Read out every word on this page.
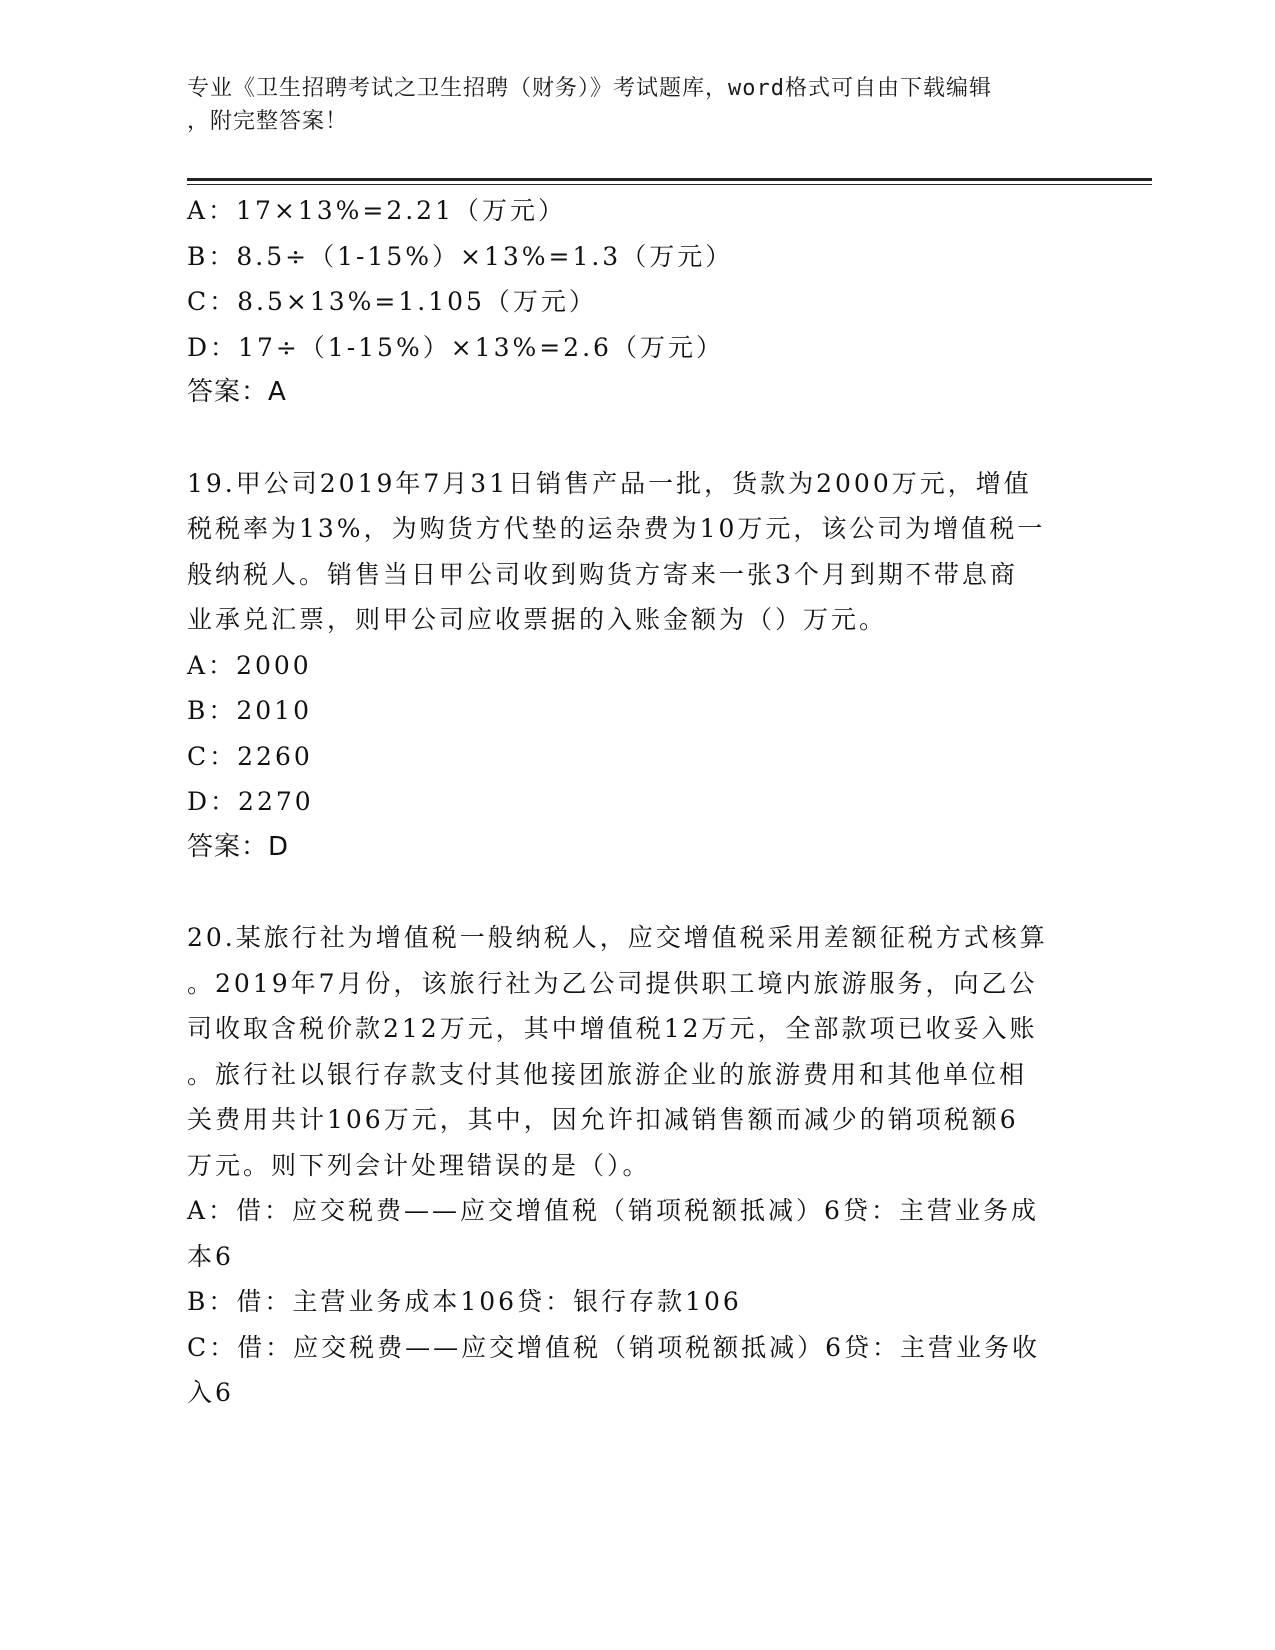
专业《卫生招聘考试之卫生招聘（财务）》考试题库，word格式可自由下载编辑
，附完整答案！
A：17×13%=2.21（万元）
B：8.5÷（1-15%）×13%=1.3（万元）
C：8.5×13%=1.105（万元）
D：17÷（1-15%）×13%=2.6（万元）
答案：A
19.甲公司2019年7月31日销售产品一批，货款为2000万元，增值
税税率为13%，为购货方代垫的运杂费为10万元，该公司为增值税一
般纳税人。销售当日甲公司收到购货方寄来一张3个月到期不带息商
业承兑汇票，则甲公司应收票据的入账金额为（）万元。
A：2000
B：2010
C：2260
D：2270
答案：D
20.某旅行社为增值税一般纳税人，应交增值税采用差额征税方式核算
。2019年7月份，该旅行社为乙公司提供职工境内旅游服务，向乙公
司收取含税价款212万元，其中增值税12万元，全部款项已收妥入账
。旅行社以银行存款支付其他接团旅游企业的旅游费用和其他单位相
关费用共计106万元，其中，因允许扣减销售额而减少的销项税额6
万元。则下列会计处理错误的是（）。
A：借：应交税费——应交增值税（销项税额抵减）6贷：主营业务成
本6
B：借：主营业务成本106贷：银行存款106
C：借：应交税费——应交增值税（销项税额抵减）6贷：主营业务收
入6
